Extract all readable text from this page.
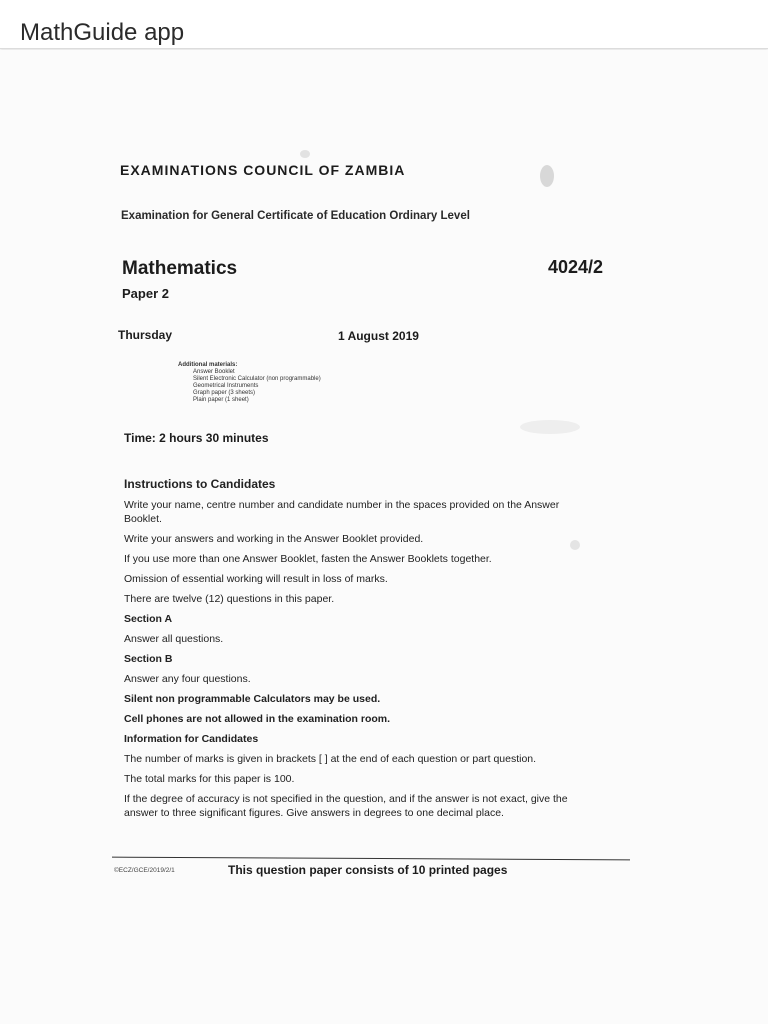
MathGuide app
EXAMINATIONS COUNCIL OF ZAMBIA
Examination for General Certificate of Education Ordinary Level
Mathematics	4024/2
Paper 2
Thursday	1 August 2019
Additional materials:
Answer Booklet
Silent Electronic Calculator (non programmable)
Geometrical Instruments
Graph paper (3 sheets)
Plain paper (1 sheet)
Time: 2 hours 30 minutes
Instructions to Candidates
Write your name, centre number and candidate number in the spaces provided on the Answer Booklet.
Write your answers and working in the Answer Booklet provided.
If you use more than one Answer Booklet, fasten the Answer Booklets together.
Omission of essential working will result in loss of marks.
There are twelve (12) questions in this paper.
Section A
Answer all questions.
Section B
Answer any four questions.
Silent non programmable Calculators may be used.
Cell phones are not allowed in the examination room.
Information for Candidates
The number of marks is given in brackets [ ] at the end of each question or part question.
The total marks for this paper is 100.
If the degree of accuracy is not specified in the question, and if the answer is not exact, give the answer to three significant figures. Give answers in degrees to one decimal place.
©ECZ/GCE/2019/2/1	This question paper consists of 10 printed pages
